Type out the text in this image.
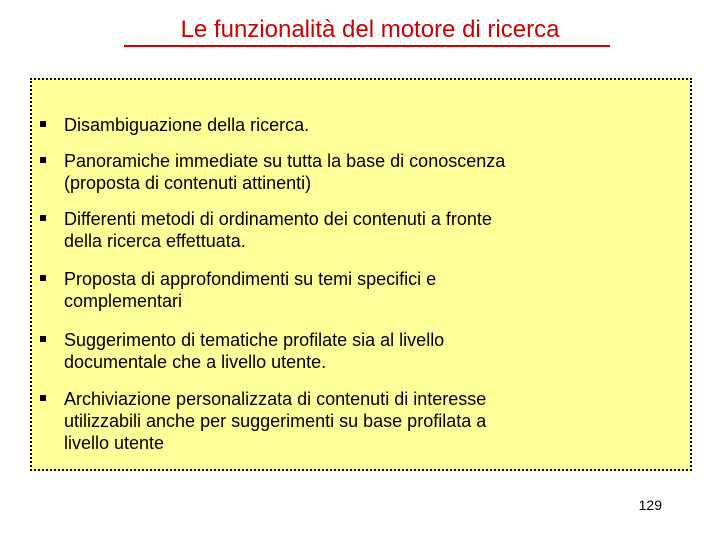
Le funzionalità del motore di ricerca
Disambiguazione della ricerca.
Panoramiche immediate su tutta la base di conoscenza
(proposta di contenuti attinenti)
Differenti metodi di ordinamento dei contenuti a fronte
della ricerca effettuata.
Proposta di approfondimenti su temi specifici e
complementari
Suggerimento di tematiche profilate sia al livello
documentale che a livello utente.
Archiviazione personalizzata di contenuti di interesse
utilizzabili anche per suggerimenti su base profilata a
livello utente
129
